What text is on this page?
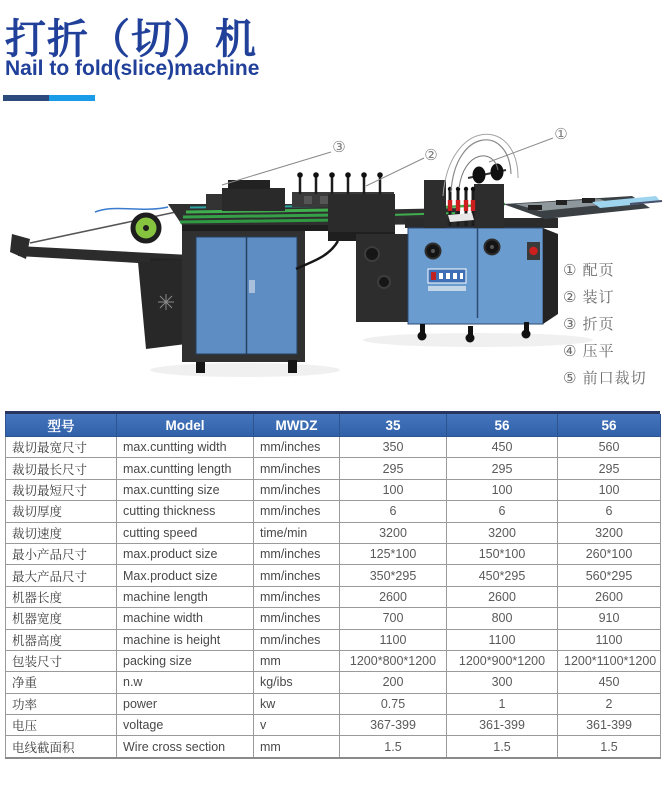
打折（切）机
Nail to fold(slice)machine
①
②
③
① 配页
② 装订
③ 折页
④ 压平
⑤ 前口裁切
型号	Model	MWDZ	35	56	56
裁切最宽尺寸	max.cuntting width	mm/inches	350	450	560
裁切最长尺寸	max.cuntting length	mm/inches	295	295	295
裁切最短尺寸	max.cuntting size	mm/inches	100	100	100
裁切厚度	cutting thickness	mm/inches	6	6	6
裁切速度	cutting speed	time/min	3200	3200	3200
最小产品尺寸	max.product size	mm/inches	125*100	150*100	260*100
最大产品尺寸	Max.product size	mm/inches	350*295	450*295	560*295
机器长度	machine length	mm/inches	2600	2600	2600
机器宽度	machine width	mm/inches	700	800	910
机器高度	machine is height	mm/inches	1100	1100	1100
包装尺寸	packing size	mm	1200*800*1200	1200*900*1200	1200*1100*1200
净重	n.w	kg/ibs	200	300	450
功率	power	kw	0.75	1	2
电压	voltage	v	367-399	361-399	361-399
电线截面积	Wire cross section	mm	1.5	1.5	1.5
